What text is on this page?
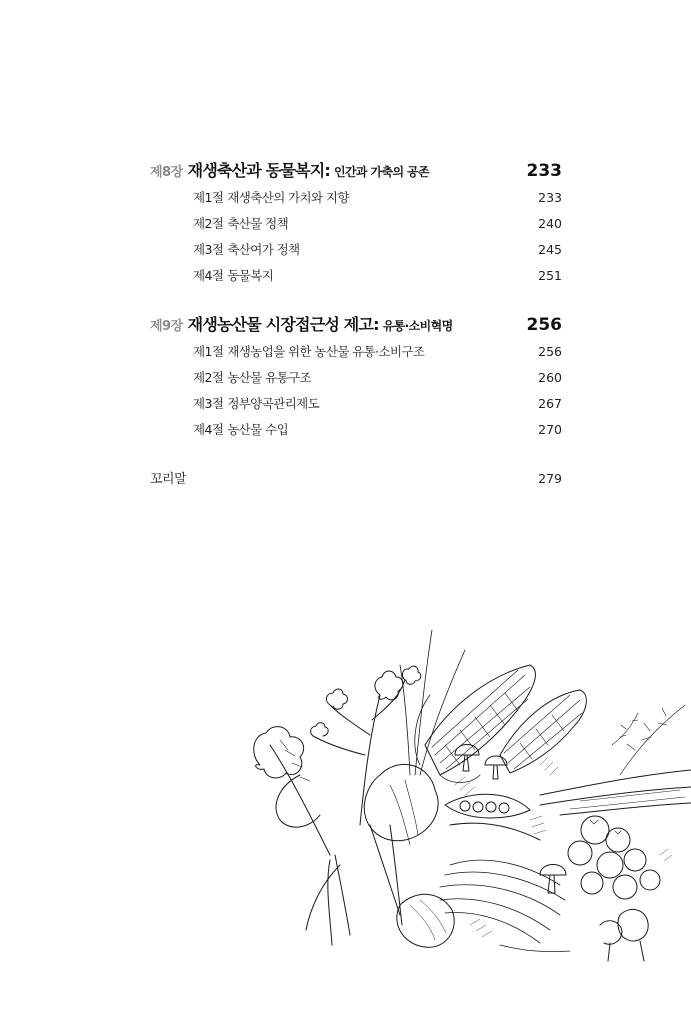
제8장 재생축산과 동물복지: 인간과 가축의 공존	233
제1절 재생축산의 가치와 지향	233
제2절 축산물 정책	240
제3절 축산여가 정책	245
제4절 동물복지	251
제9장 재생농산물 시장접근성 제고: 유통·소비혁명	256
제1절 재생농업을 위한 농산물 유통·소비구조	256
제2절 농산물 유통구조	260
제3절 정부양곡관리제도	267
제4절 농산물 수입	270
꼬리말	279
